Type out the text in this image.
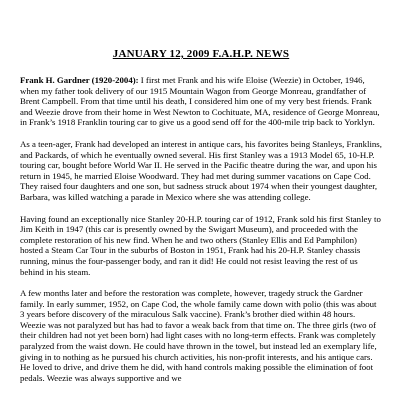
JANUARY 12, 2009 F.A.H.P. NEWS

Frank H. Gardner (1920-2004): I first met Frank and his wife Eloise (Weezie) in October, 1946, when my father took delivery of our 1915 Mountain Wagon from George Monreau, grandfather of Brent Campbell. From that time until his death, I considered him one of my very best friends. Frank and Weezie drove from their home in West Newton to Cochituate, MA, residence of George Monreau, in Frank’s 1918 Franklin touring car to give us a good send off for the 400-mile trip back to Yorklyn.

As a teen-ager, Frank had developed an interest in antique cars, his favorites being Stanleys, Franklins, and Packards, of which he eventually owned several. His first Stanley was a 1913 Model 65, 10-H.P. touring car, bought before World War II. He served in the Pacific theatre during the war, and upon his return in 1945, he married Eloise Woodward. They had met during summer vacations on Cape Cod. They raised four daughters and one son, but sadness struck about 1974 when their youngest daughter, Barbara, was killed watching a parade in Mexico where she was attending college.

Having found an exceptionally nice Stanley 20-H.P. touring car of 1912, Frank sold his first Stanley to Jim Keith in 1947 (this car is presently owned by the Swigart Museum), and proceeded with the complete restoration of his new find. When he and two others (Stanley Ellis and Ed Pamphilon) hosted a Steam Car Tour in the suburbs of Boston in 1951, Frank had his 20-H.P. Stanley chassis running, minus the four-passenger body, and ran it did! He could not resist leaving the rest of us behind in his steam.

A few months later and before the restoration was complete, however, tragedy struck the Gardner family. In early summer, 1952, on Cape Cod, the whole family came down with polio (this was about 3 years before discovery of the miraculous Salk vaccine). Frank’s brother died within 48 hours. Weezie was not paralyzed but has had to favor a weak back from that time on. The three girls (two of their children had not yet been born) had light cases with no long-term effects. Frank was completely paralyzed from the waist down. He could have thrown in the towel, but instead led an exemplary life, giving in to nothing as he pursued his church activities, his non-profit interests, and his antique cars. He loved to drive, and drive them he did, with hand controls making possible the elimination of foot pedals. Weezie was always supportive and we
